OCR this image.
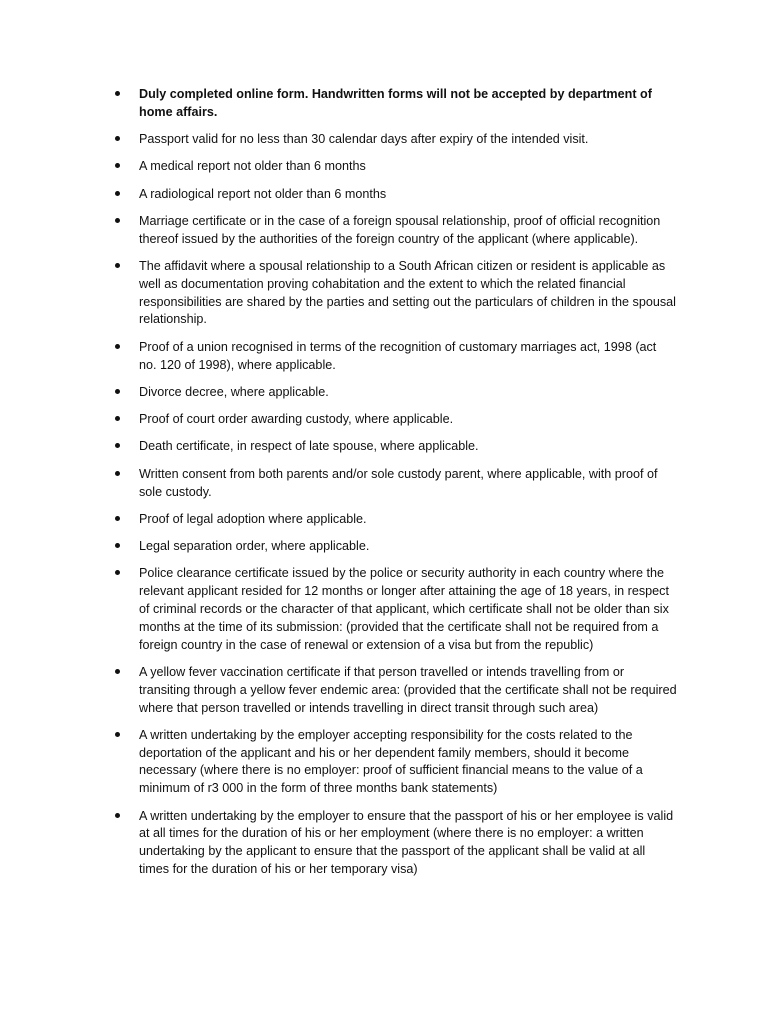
Duly completed online form. Handwritten forms will not be accepted by department of home affairs.
Passport valid for no less than 30 calendar days after expiry of the intended visit.
A medical report not older than 6 months
A radiological report not older than 6 months
Marriage certificate or in the case of a foreign spousal relationship, proof of official recognition thereof issued by the authorities of the foreign country of the applicant (where applicable).
The affidavit where a spousal relationship to a South African citizen or resident is applicable as well as documentation proving cohabitation and the extent to which the related financial responsibilities are shared by the parties and setting out the particulars of children in the spousal relationship.
Proof of a union recognised in terms of the recognition of customary marriages act, 1998 (act no. 120 of 1998), where applicable.
Divorce decree, where applicable.
Proof of court order awarding custody, where applicable.
Death certificate, in respect of late spouse, where applicable.
Written consent from both parents and/or sole custody parent, where applicable, with proof of sole custody.
Proof of legal adoption where applicable.
Legal separation order, where applicable.
Police clearance certificate issued by the police or security authority in each country where the relevant applicant resided for 12 months or longer after attaining the age of 18 years, in respect of criminal records or the character of that applicant, which certificate shall not be older than six months at the time of its submission: (provided that the certificate shall not be required from a foreign country in the case of renewal or extension of a visa but from the republic)
A yellow fever vaccination certificate if that person travelled or intends travelling from or transiting through a yellow fever endemic area: (provided that the certificate shall not be required where that person travelled or intends travelling in direct transit through such area)
A written undertaking by the employer accepting responsibility for the costs related to the deportation of the applicant and his or her dependent family members, should it become necessary (where there is no employer: proof of sufficient financial means to the value of a minimum of r3 000 in the form of three months bank statements)
A written undertaking by the employer to ensure that the passport of his or her employee is valid at all times for the duration of his or her employment (where there is no employer: a written undertaking by the applicant to ensure that the passport of the applicant shall be valid at all times for the duration of his or her temporary visa)
